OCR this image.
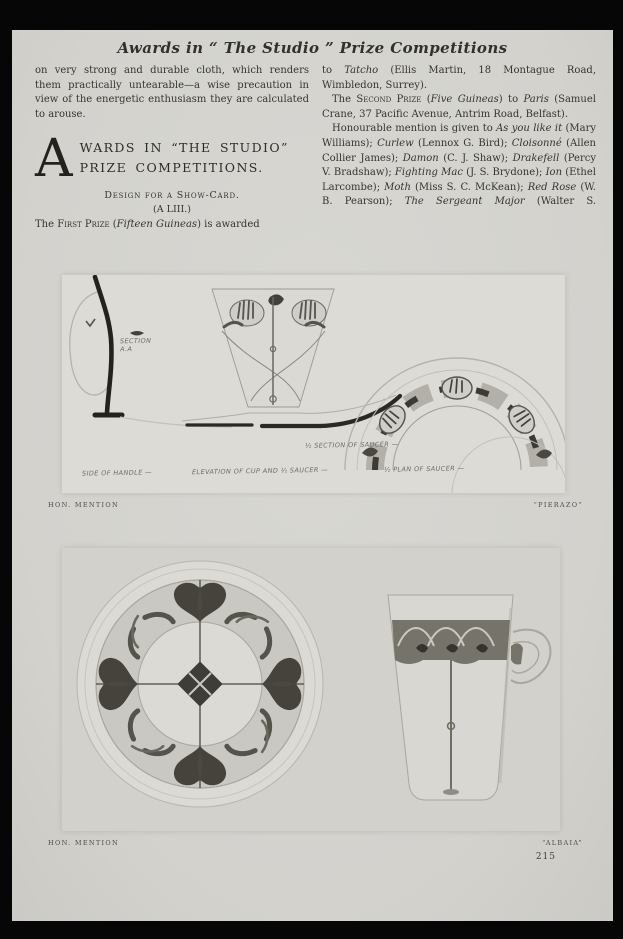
Awards in “ The Studio ” Prize Competitions

on very strong and durable cloth, which renders them practically untearable—a wise precaution in view of the energetic enthusiasm they are calculated to arouse.

A WARDS IN “THE STUDIO” PRIZE COMPETITIONS.
Design for a Show-Card.
(A LIII.)

The First Prize (Fifteen Guineas) is awarded

to Tatcho (Ellis Martin, 18 Montague Road, Wimbledon, Surrey).

The Second Prize (Five Guineas) to Paris (Samuel Crane, 37 Pacific Avenue, Antrim Road, Belfast).

Honourable mention is given to As you like it (Mary Williams); Curlew (Lennox G. Bird); Cloisonné (Allen Collier James); Damon (C. J. Shaw); Drakefell (Percy V. Bradshaw); Fighting Mac (J. S. Brydone); Ion (Ethel Larcombe); Moth (Miss S. C. McKean); Red Rose (W. B. Pearson); The Sergeant Major (Walter S.

SECTION
A.A
SIDE OF HANDLE —	ELEVATION OF CUP AND ½ SAUCER —
½ SECTION OF SAUCER —
½ PLAN OF SAUCER —
HON. MENTION	“PIERAZO”
HON. MENTION	“ALBAIA”
215
